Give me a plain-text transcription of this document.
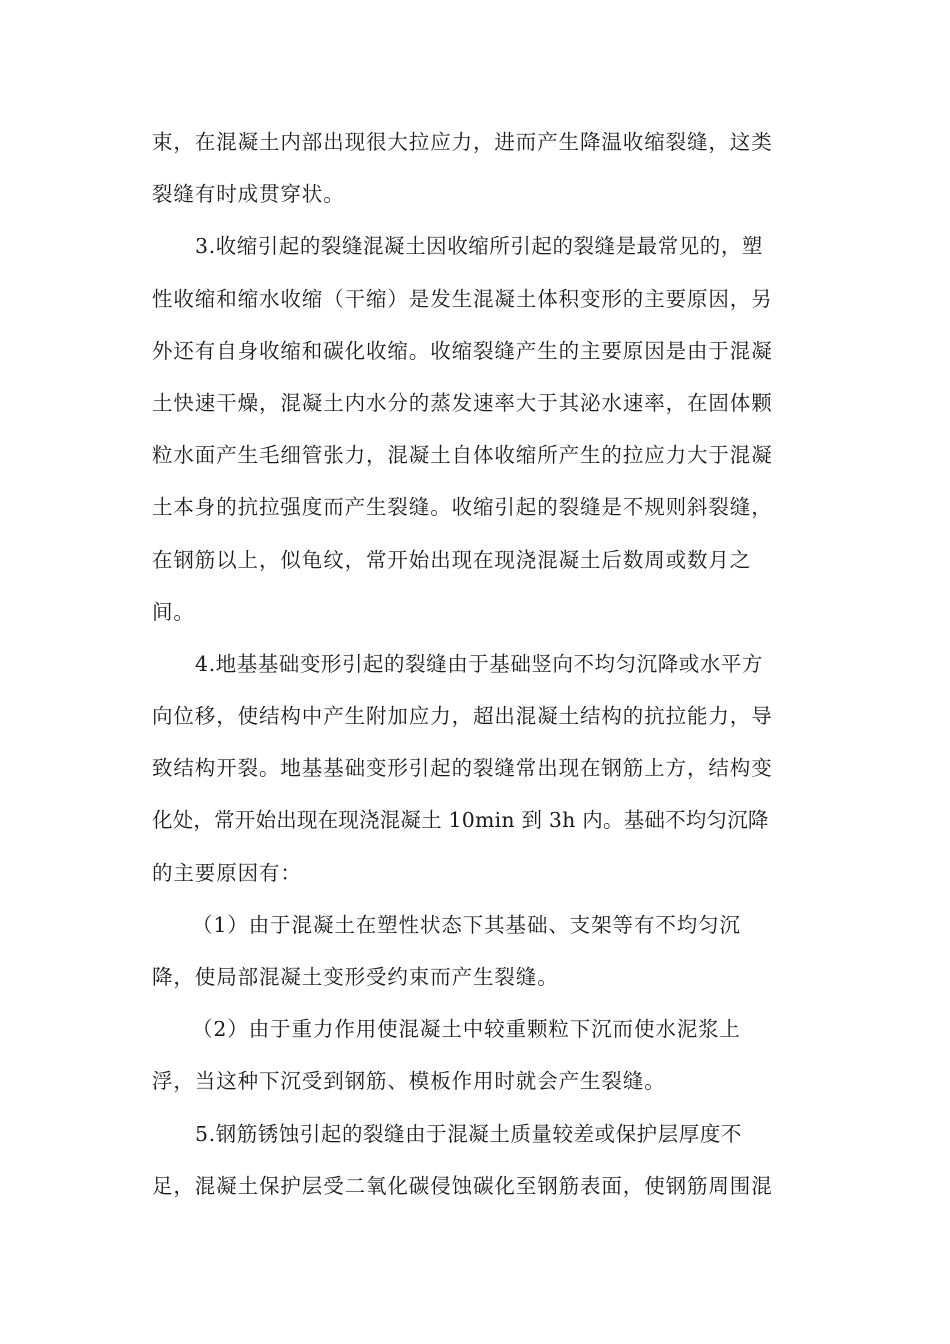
束，在混凝土内部出现很大拉应力，进而产生降温收缩裂缝，这类
裂缝有时成贯穿状。
3.收缩引起的裂缝混凝土因收缩所引起的裂缝是最常见的，塑
性收缩和缩水收缩（干缩）是发生混凝土体积变形的主要原因，另
外还有自身收缩和碳化收缩。收缩裂缝产生的主要原因是由于混凝
土快速干燥，混凝土内水分的蒸发速率大于其泌水速率，在固体颗
粒水面产生毛细管张力，混凝土自体收缩所产生的拉应力大于混凝
土本身的抗拉强度而产生裂缝。收缩引起的裂缝是不规则斜裂缝，
在钢筋以上，似龟纹，常开始出现在现浇混凝土后数周或数月之
间。
4.地基基础变形引起的裂缝由于基础竖向不均匀沉降或水平方
向位移，使结构中产生附加应力，超出混凝土结构的抗拉能力，导
致结构开裂。地基基础变形引起的裂缝常出现在钢筋上方，结构变
化处，常开始出现在现浇混凝土 10min 到 3h 内。基础不均匀沉降
的主要原因有：
（1）由于混凝土在塑性状态下其基础、支架等有不均匀沉
降，使局部混凝土变形受约束而产生裂缝。
（2）由于重力作用使混凝土中较重颗粒下沉而使水泥浆上
浮，当这种下沉受到钢筋、模板作用时就会产生裂缝。
5.钢筋锈蚀引起的裂缝由于混凝土质量较差或保护层厚度不
足，混凝土保护层受二氧化碳侵蚀碳化至钢筋表面，使钢筋周围混
